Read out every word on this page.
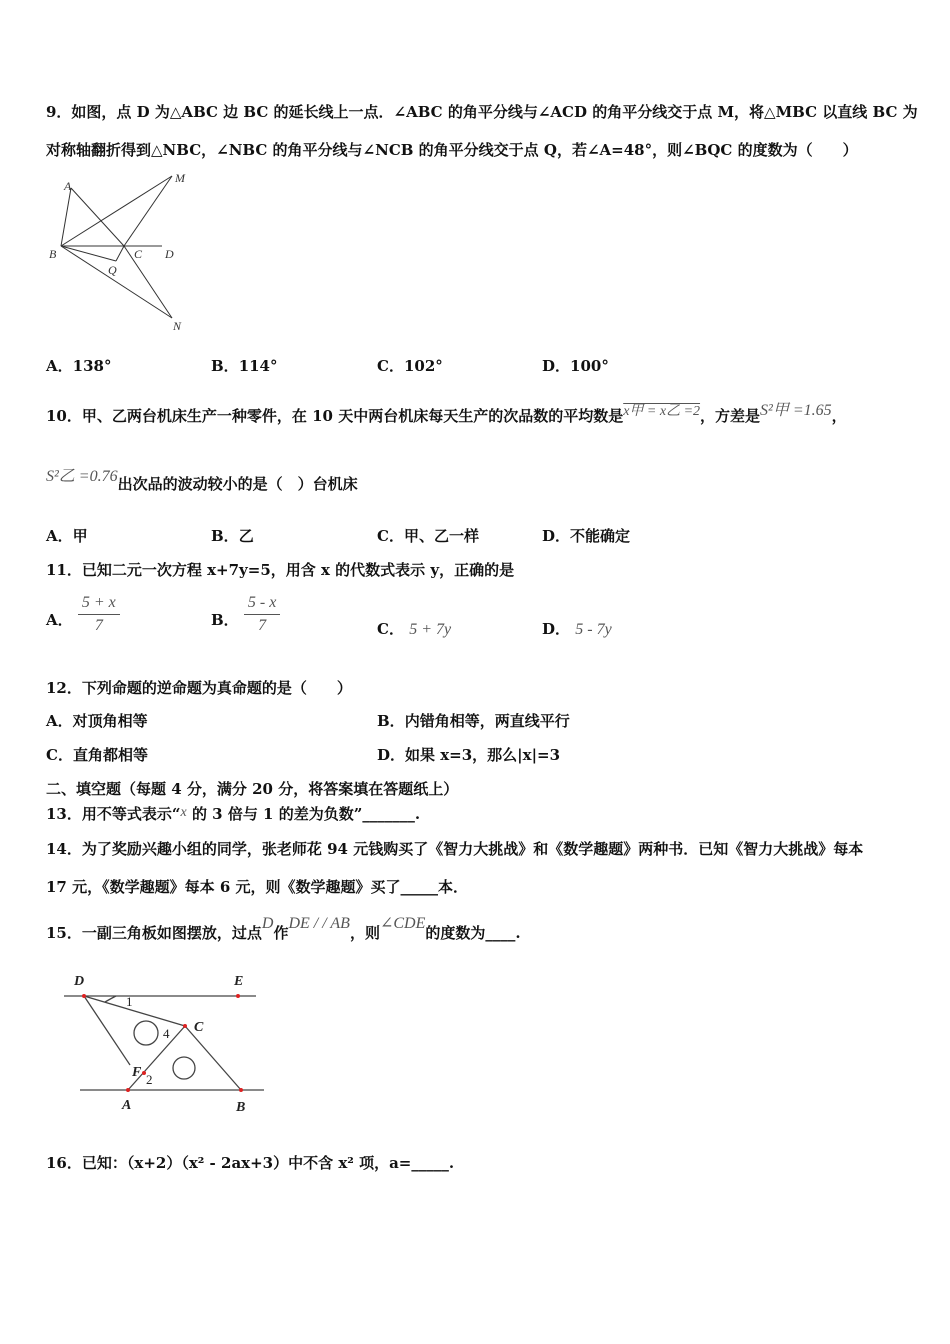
9．如图，点 D 为△ABC 边 BC 的延长线上一点．∠ABC 的角平分线与∠ACD 的角平分线交于点 M，将△MBC 以直线 BC 为
对称轴翻折得到△NBC，∠NBC 的角平分线与∠NCB 的角平分线交于点 Q，若∠A=48°，则∠BQC 的度数为（　　）
A
M
B	C D
Q
N
A．138°	B．114°	C．102°	D．100°
10．甲、乙两台机床生产一种零件，在 10 天中两台机床每天生产的次品数的平均数是x甲 = x乙 =2，方差是S²甲 =1.65，
S²乙 =0.76出次品的波动较小的是（　）台机床
A．甲	B．乙	C．甲、乙一样	D．不能确定
11．已知二元一次方程 x+7y=5，用含 x 的代数式表示 y，正确的是
A． $\frac{5 + x}{7}$	B． $\frac{5 - x}{7}$	C． 5 + 7y	D． 5 - 7y
12．下列命题的逆命题为真命题的是（　　）
A．对顶角相等	B．内错角相等，两直线平行
C．直角都相等	D．如果 x=3，那么|x|=3
二、填空题（每题 4 分，满分 20 分，将答案填在答题纸上）
13．用不等式表示“x 的 3 倍与 1 的差为负数”_______.
14．为了奖励兴趣小组的同学，张老师花 94 元钱购买了《智力大挑战》和《数学趣题》两种书．已知《智力大挑战》每本
17 元，《数学趣题》每本 6 元，则《数学趣题》买了_____本．
15．一副三角板如图摆放，过点D作DE / / AB，则∠CDE的度数为____.
D	E
C
F
A	B
1
4
2
16．已知：（x+2）（x² - 2ax+3）中不含 x² 项，a=_____.
